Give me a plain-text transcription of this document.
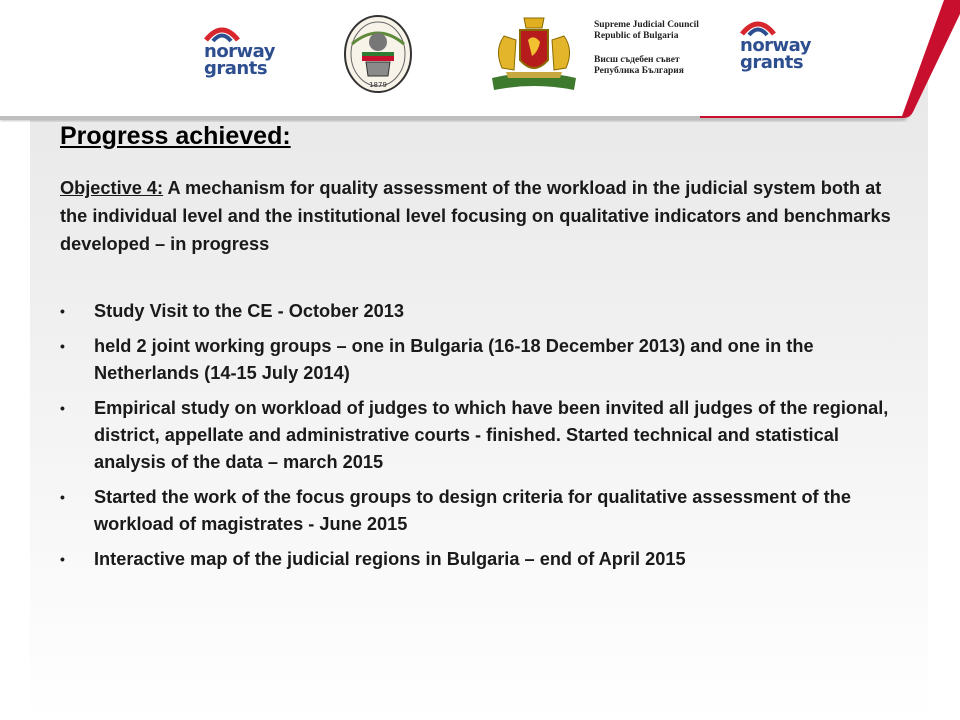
norway
grants
1879
Supreme Judicial Council
Republic of Bulgaria
Висш съдебен съвет
Република България
norway
grants
Progress achieved:

Objective 4: A mechanism for quality assessment of the workload in the judicial system both at the individual level and the institutional level focusing on qualitative indicators and benchmarks developed – in progress

• Study Visit to the CE - October 2013
• held 2 joint working groups – one in Bulgaria (16-18 December 2013) and one in the Netherlands (14-15 July 2014)
• Empirical study on workload of judges to which have been invited all judges of the regional, district, appellate and administrative courts - finished. Started technical and statistical analysis of the data – march 2015
• Started the work of the focus groups to design criteria for qualitative assessment of the workload of magistrates - June 2015
• Interactive map of the judicial regions in Bulgaria – end of April 2015
